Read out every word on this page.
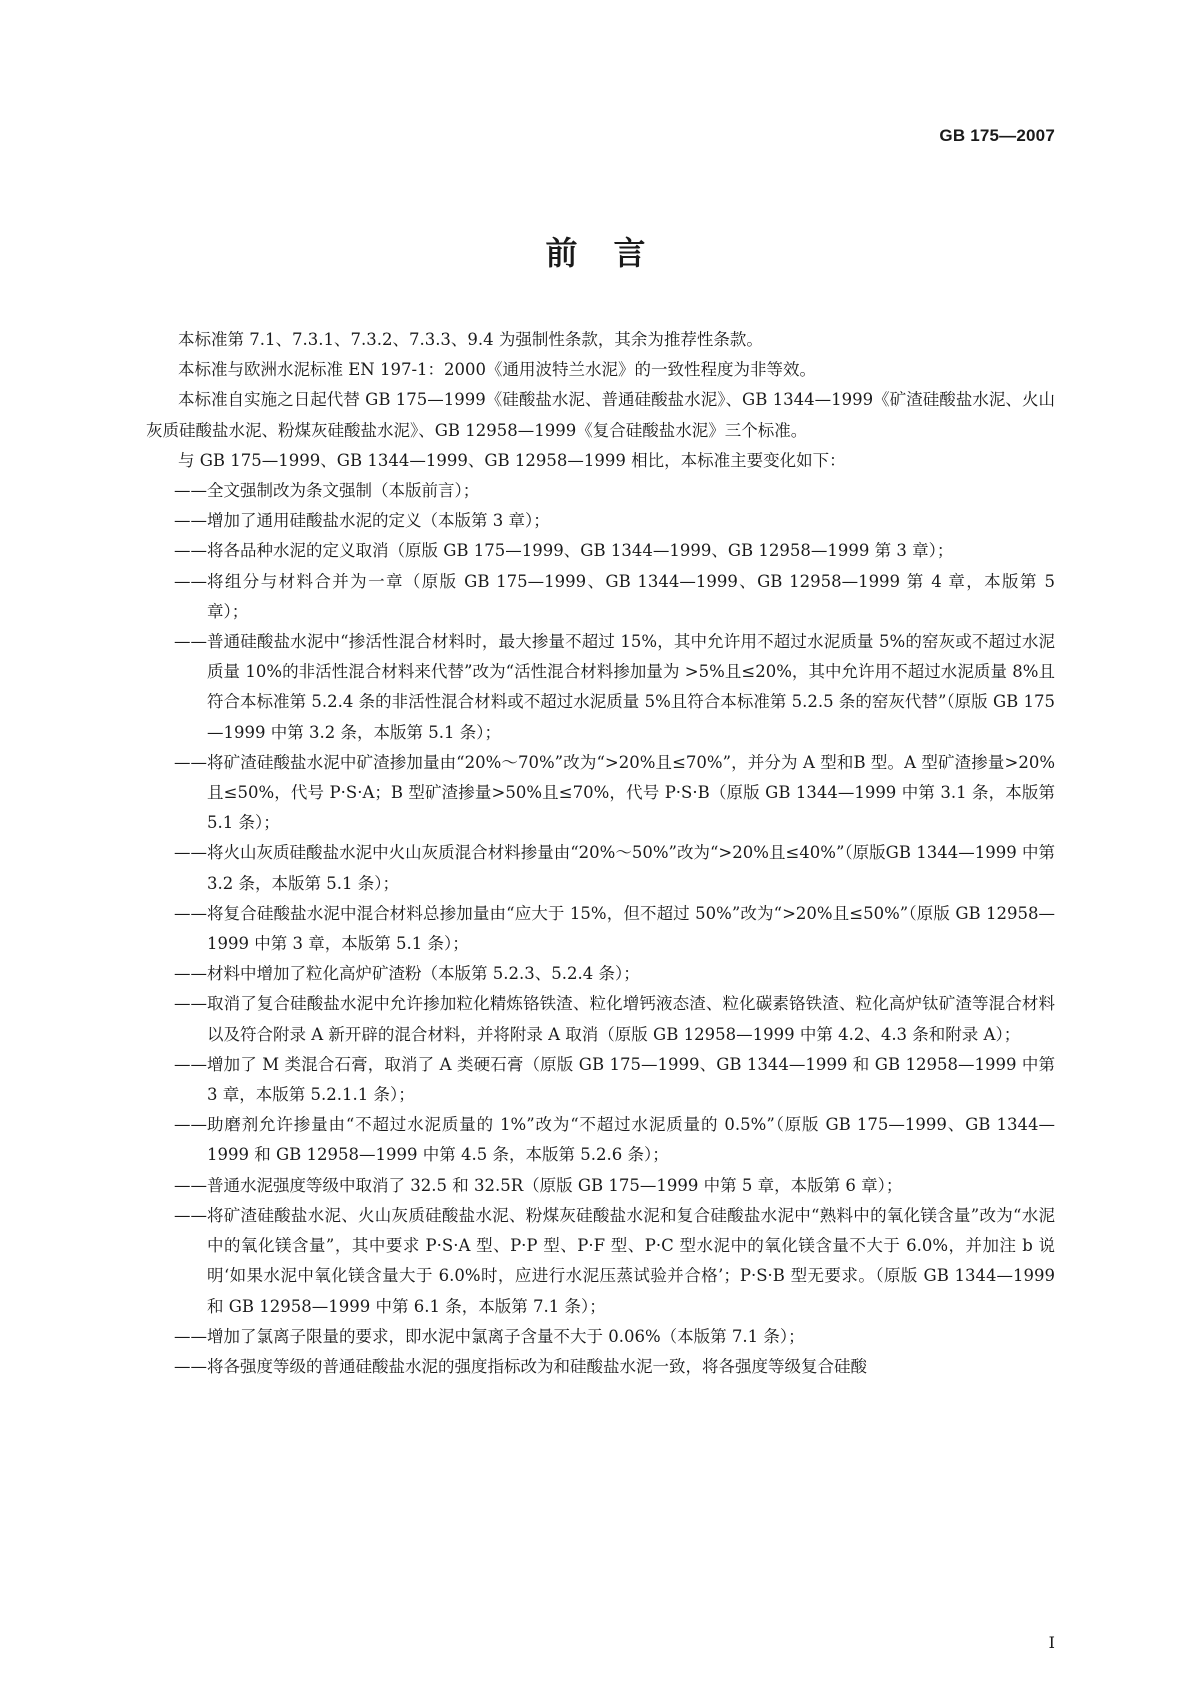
GB 175—2007
前言

本标准第 7.1、7.3.1、7.3.2、7.3.3、9.4 为强制性条款，其余为推荐性条款。

本标准与欧洲水泥标准 EN 197-1：2000《通用波特兰水泥》的一致性程度为非等效。

本标准自实施之日起代替 GB 175—1999《硅酸盐水泥、普通硅酸盐水泥》、GB 1344—1999《矿渣硅酸盐水泥、火山灰质硅酸盐水泥、粉煤灰硅酸盐水泥》、GB 12958—1999《复合硅酸盐水泥》三个标准。

与 GB 175—1999、GB 1344—1999、GB 12958—1999 相比，本标准主要变化如下：

—— 全文强制改为条文强制（本版前言）；
—— 增加了通用硅酸盐水泥的定义（本版第 3 章）；
—— 将各品种水泥的定义取消（原版 GB 175—1999、GB 1344—1999、GB 12958—1999 第 3 章）；
—— 将组分与材料合并为一章（原版 GB 175—1999、GB 1344—1999、GB 12958—1999 第 4 章，本版第 5 章）；
—— 普通硅酸盐水泥中“掺活性混合材料时，最大掺量不超过 15%，其中允许用不超过水泥质量 5%的窑灰或不超过水泥质量 10%的非活性混合材料来代替”改为“活性混合材料掺加量为 >5%且≤20%，其中允许用不超过水泥质量 8%且符合本标准第 5.2.4 条的非活性混合材料或不超过水泥质量 5%且符合本标准第 5.2.5 条的窑灰代替”（原版 GB 175—1999 中第 3.2 条，本版第 5.1 条）；
—— 将矿渣硅酸盐水泥中矿渣掺加量由“20%～70%”改为“>20%且≤70%”，并分为 A 型和B 型。A 型矿渣掺量>20%且≤50%，代号 P·S·A；B 型矿渣掺量>50%且≤70%，代号 P·S·B（原版 GB 1344—1999 中第 3.1 条，本版第 5.1 条）；
—— 将火山灰质硅酸盐水泥中火山灰质混合材料掺量由“20%～50%”改为“>20%且≤40%”（原版GB 1344—1999 中第 3.2 条，本版第 5.1 条）；
—— 将复合硅酸盐水泥中混合材料总掺加量由“应大于 15%，但不超过 50%”改为“>20%且≤50%”（原版 GB 12958—1999 中第 3 章，本版第 5.1 条）；
—— 材料中增加了粒化高炉矿渣粉（本版第 5.2.3、5.2.4 条）；
—— 取消了复合硅酸盐水泥中允许掺加粒化精炼铬铁渣、粒化增钙液态渣、粒化碳素铬铁渣、粒化高炉钛矿渣等混合材料以及符合附录 A 新开辟的混合材料，并将附录 A 取消（原版 GB 12958—1999 中第 4.2、4.3 条和附录 A）；
—— 增加了 M 类混合石膏，取消了 A 类硬石膏（原版 GB 175—1999、GB 1344—1999 和 GB 12958—1999 中第 3 章，本版第 5.2.1.1 条）；
—— 助磨剂允许掺量由“不超过水泥质量的 1%”改为“不超过水泥质量的 0.5%”（原版 GB 175—1999、GB 1344—1999 和 GB 12958—1999 中第 4.5 条，本版第 5.2.6 条）；
—— 普通水泥强度等级中取消了 32.5 和 32.5R（原版 GB 175—1999 中第 5 章，本版第 6 章）；
—— 将矿渣硅酸盐水泥、火山灰质硅酸盐水泥、粉煤灰硅酸盐水泥和复合硅酸盐水泥中“熟料中的氧化镁含量”改为“水泥中的氧化镁含量”，其中要求 P·S·A 型、P·P 型、P·F 型、P·C 型水泥中的氧化镁含量不大于 6.0%，并加注 b 说明‘如果水泥中氧化镁含量大于 6.0%时，应进行水泥压蒸试验并合格’；P·S·B 型无要求。（原版 GB 1344—1999 和 GB 12958—1999 中第 6.1 条，本版第 7.1 条）；
—— 增加了氯离子限量的要求，即水泥中氯离子含量不大于 0.06%（本版第 7.1 条）；
—— 将各强度等级的普通硅酸盐水泥的强度指标改为和硅酸盐水泥一致，将各强度等级复合硅酸
I
